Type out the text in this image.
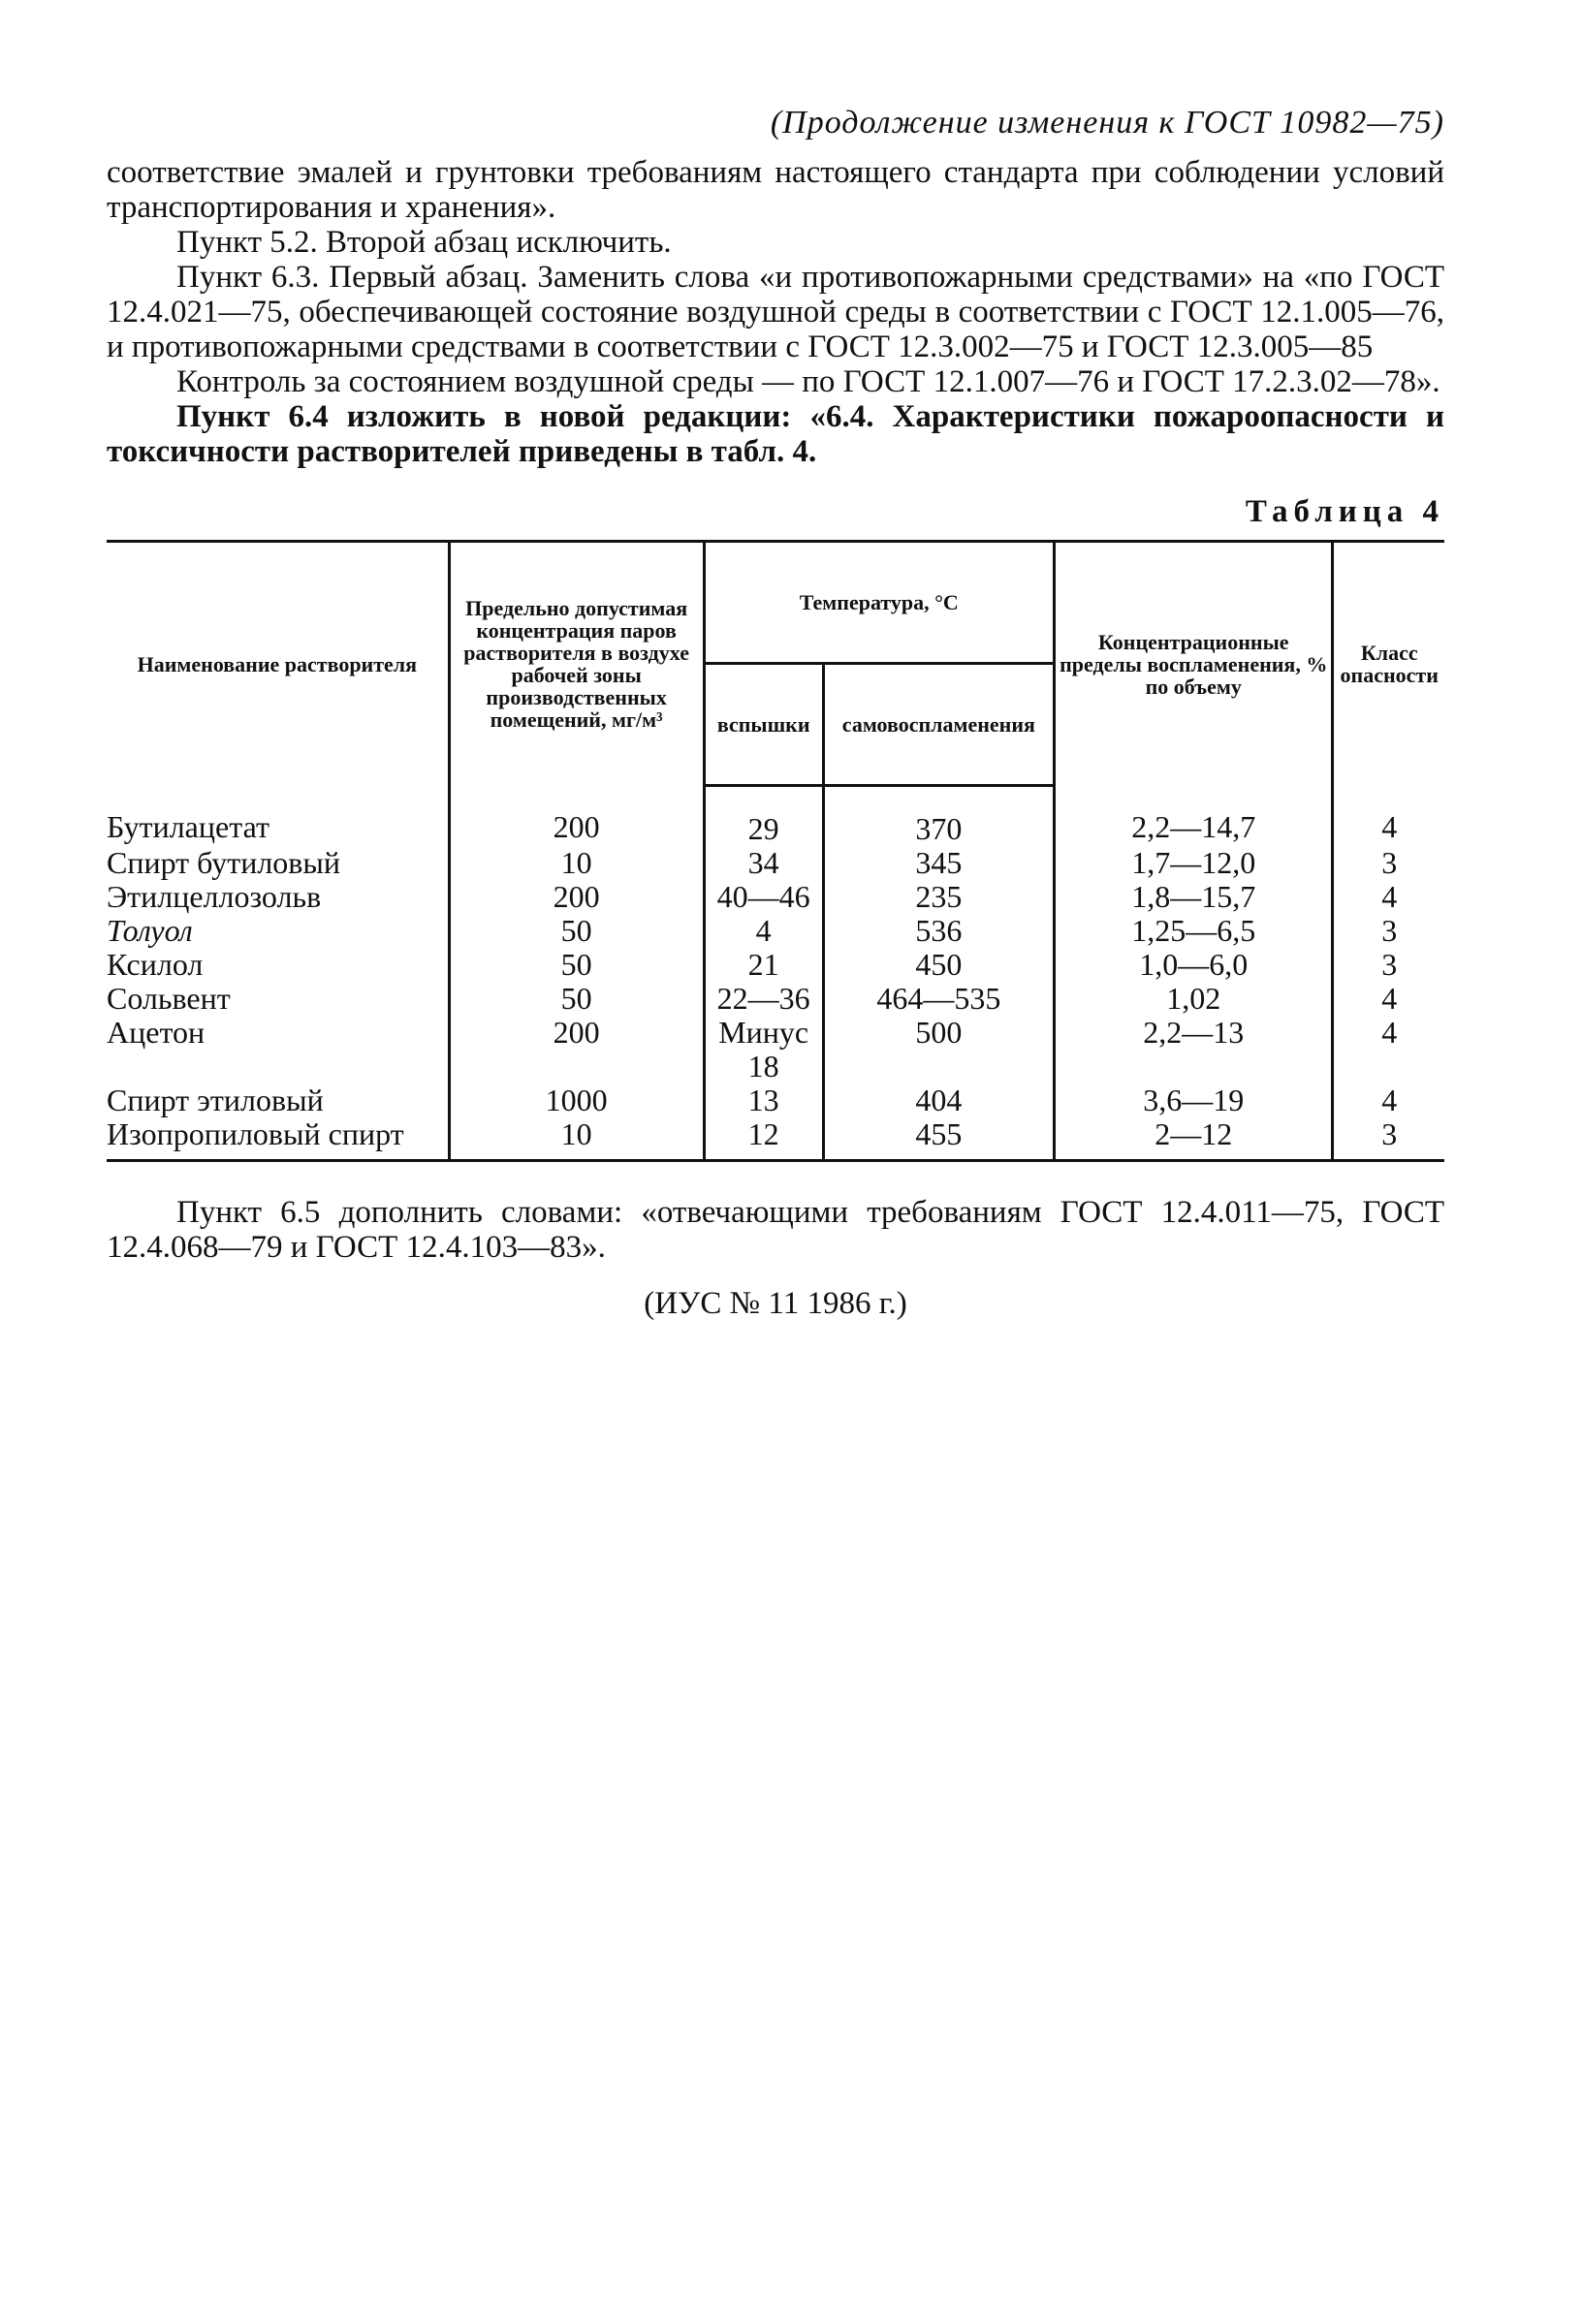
(Продолжение изменения к ГОСТ 10982—75)

соответствие эмалей и грунтовки требованиям настоящего стандарта при соблюдении условий транспортирования и хранения».

Пункт 5.2. Второй абзац исключить.

Пункт 6.3. Первый абзац. Заменить слова «и противопожарными средствами» на «по ГОСТ 12.4.021—75, обеспечивающей состояние воздушной среды в соответствии с ГОСТ 12.1.005—76, и противопожарными средствами в соответствии с ГОСТ 12.3.002—75 и ГОСТ 12.3.005—85

Контроль за состоянием воздушной среды — по ГОСТ 12.1.007—76 и ГОСТ 17.2.3.02—78».

Пункт 6.4 изложить в новой редакции: «6.4. Характеристики пожароопасности и токсичности растворителей приведены в табл. 4.

Таблица 4
Наименование растворителя	Предельно допустимая концентрация паров растворителя в воздухе рабочей зоны производственных помещений, мг/м³	Температура, °С		Концентрационные пределы воспламенения, % по объему	Класс опасности
		вспышки	самовоспламенения		
Бутилацетат	200	29	370	2,2—14,7	4
Спирт бутиловый	10	34	345	1,7—12,0	3
Этилцеллозольв	200	40—46	235	1,8—15,7	4
Толуол	50	4	536	1,25—6,5	3
Ксилол	50	21	450	1,0—6,0	3
Сольвент	50	22—36	464—535	1,02	4
Ацетон	200	Минус 18	500	2,2—13	4
Спирт этиловый	1000	13	404	3,6—19	4
Изопропиловый спирт	10	12	455	2—12	3

Пункт 6.5 дополнить словами: «отвечающими требованиям ГОСТ 12.4.011—75, ГОСТ 12.4.068—79 и ГОСТ 12.4.103—83».

(ИУС № 11 1986 г.)
